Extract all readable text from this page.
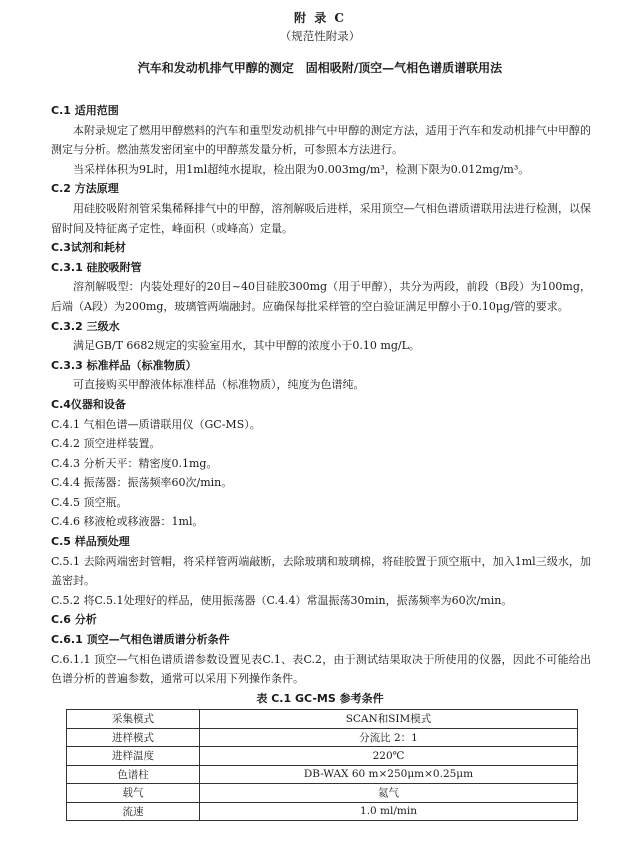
附 录 C
（规范性附录）
汽车和发动机排气甲醇的测定　固相吸附/顶空—气相色谱质谱联用法
C.1 适用范围
本附录规定了燃用甲醇燃料的汽车和重型发动机排气中甲醇的测定方法，适用于汽车和发动机排气中甲醇的测定与分析。燃油蒸发密闭室中的甲醇蒸发量分析，可参照本方法进行。
当采样体积为9L时，用1ml超纯水提取，检出限为0.003mg/m³，检测下限为0.012mg/m³。
C.2 方法原理
用硅胶吸附剂管采集稀释排气中的甲醇，溶剂解吸后进样，采用顶空—气相色谱质谱联用法进行检测，以保留时间及特征离子定性，峰面积（或峰高）定量。
C.3试剂和耗材
C.3.1 硅胶吸附管
溶剂解吸型：内装处理好的20目~40目硅胶300mg（用于甲醇），共分为两段，前段（B段）为100mg，后端（A段）为200mg，玻璃管两端融封。应确保每批采样管的空白验证满足甲醇小于0.10μg/管的要求。
C.3.2 三级水
满足GB/T 6682规定的实验室用水，其中甲醇的浓度小于0.10 mg/L。
C.3.3 标准样品（标准物质）
可直接购买甲醇液体标准样品（标准物质），纯度为色谱纯。
C.4仪器和设备
C.4.1 气相色谱—质谱联用仪（GC-MS）。
C.4.2 顶空进样装置。
C.4.3 分析天平：精密度0.1mg。
C.4.4 振荡器：振荡频率60次/min。
C.4.5 顶空瓶。
C.4.6 移液枪或移液器：1ml。
C.5 样品预处理
C.5.1 去除两端密封管帽，将采样管两端敲断，去除玻璃和玻璃棉，将硅胶置于顶空瓶中，加入1ml三级水，加盖密封。
C.5.2 将C.5.1处理好的样品，使用振荡器（C.4.4）常温振荡30min，振荡频率为60次/min。
C.6 分析
C.6.1 顶空—气相色谱质谱分析条件
C.6.1.1 顶空—气相色谱质谱参数设置见表C.1、表C.2，由于测试结果取决于所使用的仪器，因此不可能给出色谱分析的普遍参数，通常可以采用下列操作条件。
表 C.1 GC-MS 参考条件
采集模式	SCAN和SIM模式
进样模式	分流比 2：1
进样温度	220℃
色谱柱	DB-WAX 60 m×250μm×0.25μm
载气	氦气
流速	1.0 ml/min
